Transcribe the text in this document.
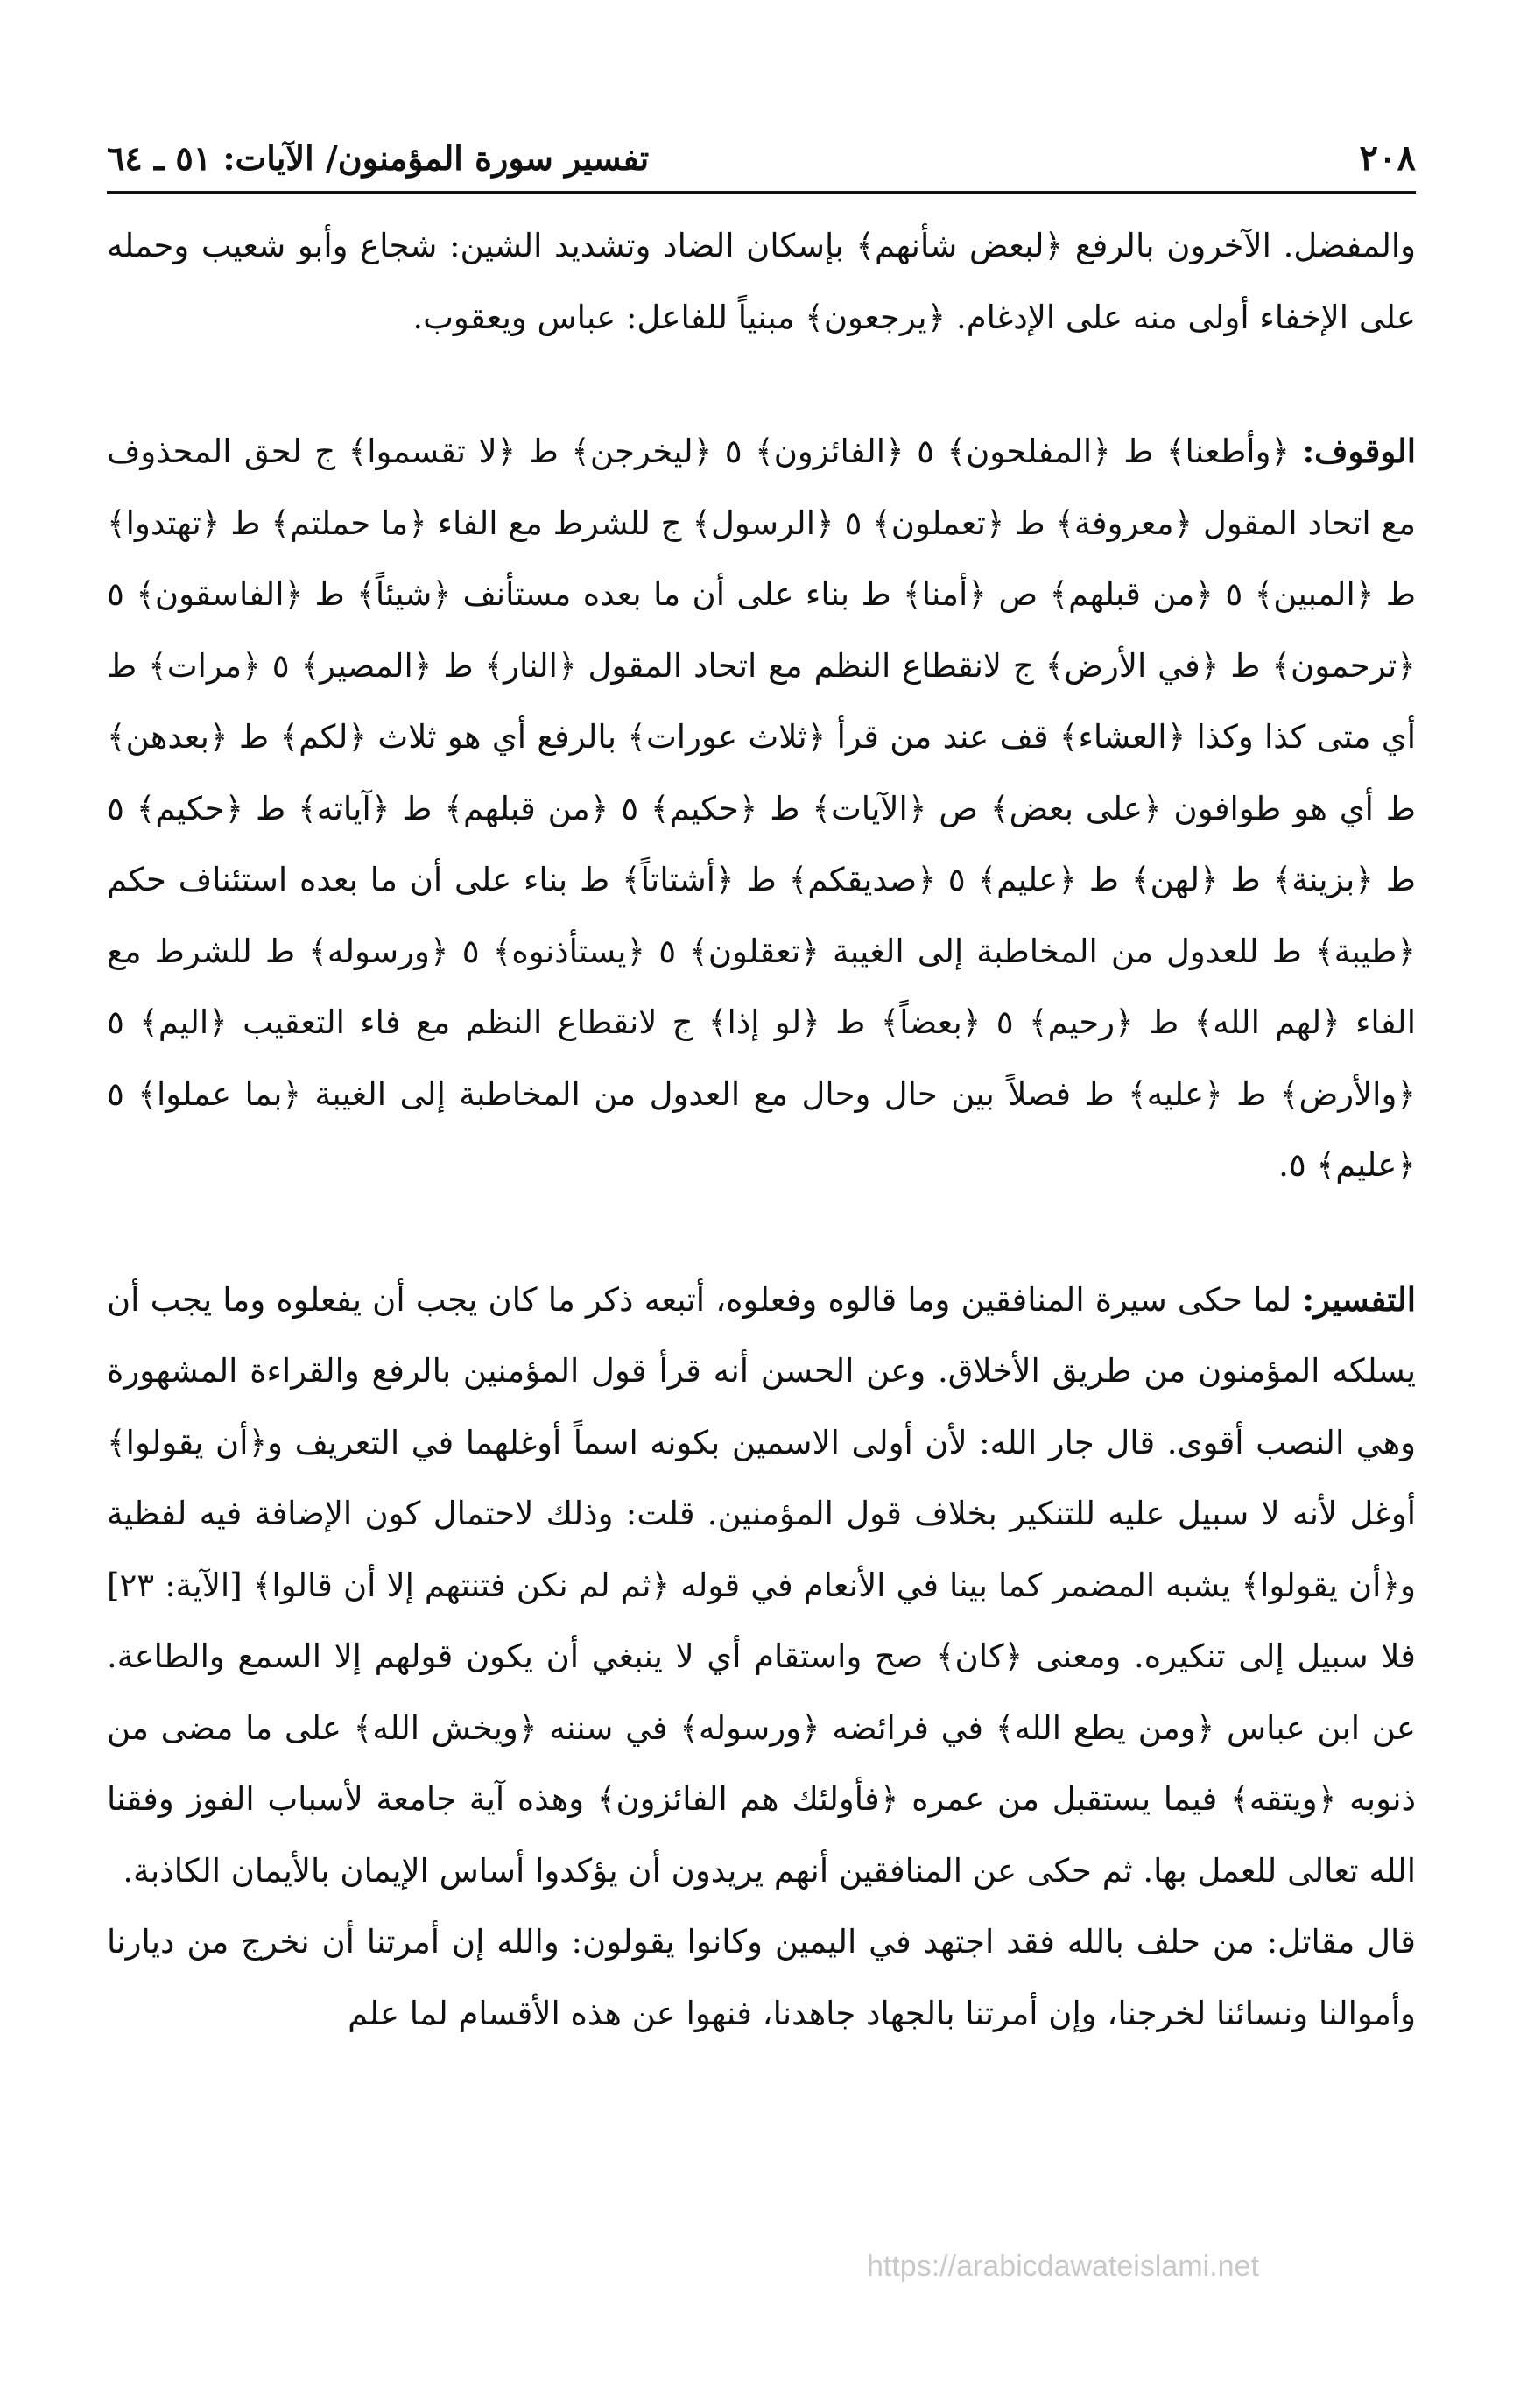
٢٠٨
تفسير سورة المؤمنون/ الآيات: ٥١ ـ ٦٤

والمفضل. الآخرون بالرفع ﴿لبعض شأنهم﴾ بإسكان الضاد وتشديد الشين: شجاع وأبو شعيب وحمله على الإخفاء أولى منه على الإدغام. ﴿يرجعون﴾ مبنياً للفاعل: عباس ويعقوب.

الوقوف: ﴿وأطعنا﴾ ط ﴿المفلحون﴾ ٥ ﴿الفائزون﴾ ٥ ﴿ليخرجن﴾ ط ﴿لا تقسموا﴾ ج لحق المحذوف مع اتحاد المقول ﴿معروفة﴾ ط ﴿تعملون﴾ ٥ ﴿الرسول﴾ ج للشرط مع الفاء ﴿ما حملتم﴾ ط ﴿تهتدوا﴾ ط ﴿المبين﴾ ٥ ﴿من قبلهم﴾ ص ﴿أمنا﴾ ط بناء على أن ما بعده مستأنف ﴿شيئاً﴾ ط ﴿الفاسقون﴾ ٥ ﴿ترحمون﴾ ط ﴿في الأرض﴾ ج لانقطاع النظم مع اتحاد المقول ﴿النار﴾ ط ﴿المصير﴾ ٥ ﴿مرات﴾ ط أي متى كذا وكذا ﴿العشاء﴾ قف عند من قرأ ﴿ثلاث عورات﴾ بالرفع أي هو ثلاث ﴿لكم﴾ ط ﴿بعدهن﴾ ط أي هو طوافون ﴿على بعض﴾ ص ﴿الآيات﴾ ط ﴿حكيم﴾ ٥ ﴿من قبلهم﴾ ط ﴿آياته﴾ ط ﴿حكيم﴾ ٥ ط ﴿بزينة﴾ ط ﴿لهن﴾ ط ﴿عليم﴾ ٥ ﴿صديقكم﴾ ط ﴿أشتاتاً﴾ ط بناء على أن ما بعده استئناف حكم ﴿طيبة﴾ ط للعدول من المخاطبة إلى الغيبة ﴿تعقلون﴾ ٥ ﴿يستأذنوه﴾ ٥ ﴿ورسوله﴾ ط للشرط مع الفاء ﴿لهم الله﴾ ط ﴿رحيم﴾ ٥ ﴿بعضاً﴾ ط ﴿لو إذا﴾ ج لانقطاع النظم مع فاء التعقيب ﴿اليم﴾ ٥ ﴿والأرض﴾ ط ﴿عليه﴾ ط فصلاً بين حال وحال مع العدول من المخاطبة إلى الغيبة ﴿بما عملوا﴾ ٥ ﴿عليم﴾ ٥.

التفسير: لما حكى سيرة المنافقين وما قالوه وفعلوه، أتبعه ذكر ما كان يجب أن يفعلوه وما يجب أن يسلكه المؤمنون من طريق الأخلاق. وعن الحسن أنه قرأ قول المؤمنين بالرفع والقراءة المشهورة وهي النصب أقوى. قال جار الله: لأن أولى الاسمين بكونه اسماً أوغلهما في التعريف و﴿أن يقولوا﴾ أوغل لأنه لا سبيل عليه للتنكير بخلاف قول المؤمنين. قلت: وذلك لاحتمال كون الإضافة فيه لفظية و﴿أن يقولوا﴾ يشبه المضمر كما بينا في الأنعام في قوله ﴿ثم لم نكن فتنتهم إلا أن قالوا﴾ [الآية: ٢٣] فلا سبيل إلى تنكيره. ومعنى ﴿كان﴾ صح واستقام أي لا ينبغي أن يكون قولهم إلا السمع والطاعة. عن ابن عباس ﴿ومن يطع الله﴾ في فرائضه ﴿ورسوله﴾ في سننه ﴿ويخش الله﴾ على ما مضى من ذنوبه ﴿ويتقه﴾ فيما يستقبل من عمره ﴿فأولئك هم الفائزون﴾ وهذه آية جامعة لأسباب الفوز وفقنا الله تعالى للعمل بها. ثم حكى عن المنافقين أنهم يريدون أن يؤكدوا أساس الإيمان بالأيمان الكاذبة.

قال مقاتل: من حلف بالله فقد اجتهد في اليمين وكانوا يقولون: والله إن أمرتنا أن نخرج من ديارنا وأموالنا ونسائنا لخرجنا، وإن أمرتنا بالجهاد جاهدنا، فنهوا عن هذه الأقسام لما علم

https://arabicdawateislami.net
